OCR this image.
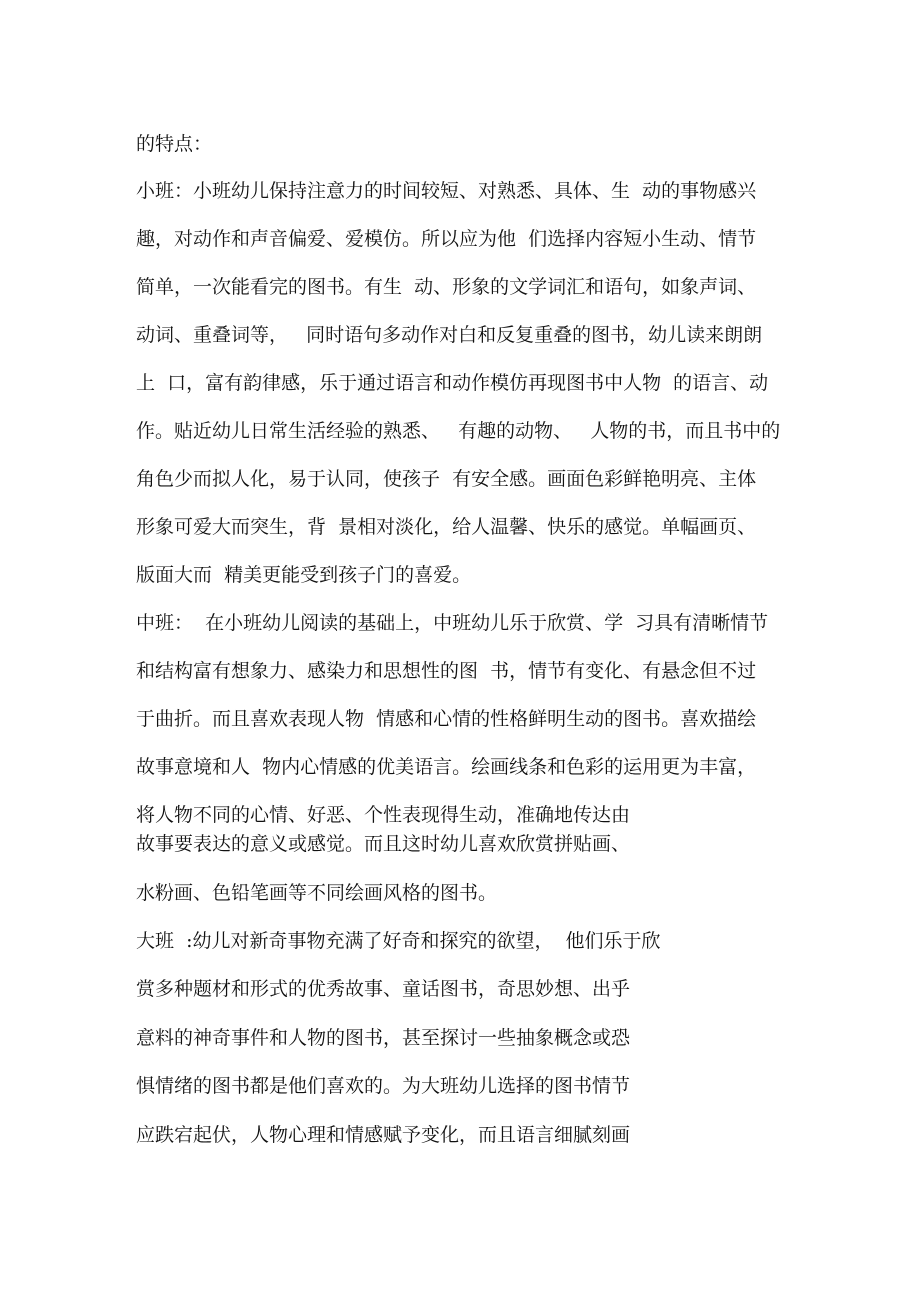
的特点：

小班：小班幼儿保持注意力的时间较短、对熟悉、具体、生  动的事物感兴

趣，对动作和声音偏爱、爱模仿。所以应为他  们选择内容短小生动、情节

简单，一次能看完的图书。有生  动、形象的文学词汇和语句，如象声词、

动词、重叠词等，   同时语句多动作对白和反复重叠的图书，幼儿读来朗朗

上  口，富有韵律感，乐于通过语言和动作模仿再现图书中人物  的语言、动

作。贴近幼儿日常生活经验的熟悉、   有趣的动物、   人物的书，而且书中的

角色少而拟人化，易于认同，使孩子  有安全感。画面色彩鲜艳明亮、主体

形象可爱大而突生，背  景相对淡化，给人温馨、快乐的感觉。单幅画页、

版面大而  精美更能受到孩子门的喜爱。

中班：  在小班幼儿阅读的基础上，中班幼儿乐于欣赏、学  习具有清晰情节

和结构富有想象力、感染力和思想性的图  书，情节有变化、有悬念但不过

于曲折。而且喜欢表现人物  情感和心情的性格鲜明生动的图书。喜欢描绘

故事意境和人  物内心情感的优美语言。绘画线条和色彩的运用更为丰富，

将人物不同的心情、好恶、个性表现得生动，准确地传达由

故事要表达的意义或感觉。而且这时幼儿喜欢欣赏拼贴画、

水粉画、色铅笔画等不同绘画风格的图书。

大班  :幼儿对新奇事物充满了好奇和探究的欲望，  他们乐于欣

赏多种题材和形式的优秀故事、童话图书，奇思妙想、出乎

意料的神奇事件和人物的图书，甚至探讨一些抽象概念或恐

惧情绪的图书都是他们喜欢的。为大班幼儿选择的图书情节

应跌宕起伏，人物心理和情感赋予变化，而且语言细腻刻画
